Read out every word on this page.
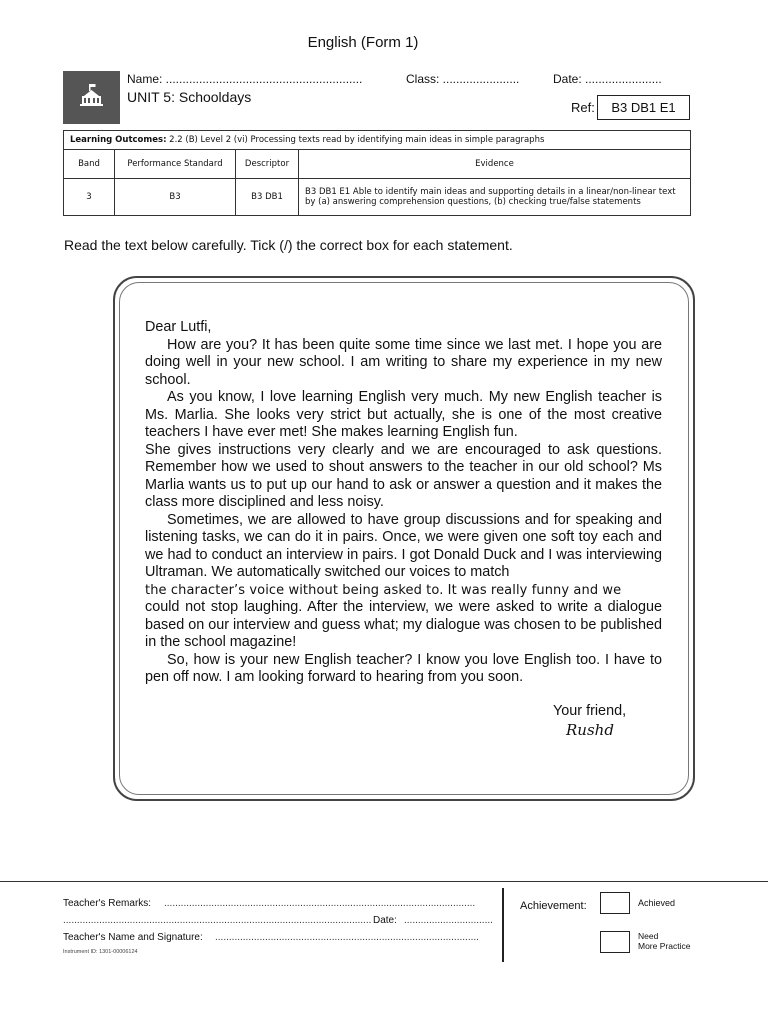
English (Form 1)
Name: ...........................................................	Class: .......................	Date: .......................
UNIT 5: Schooldays
Ref:	B3 DB1 E1
Learning Outcomes: 2.2 (B) Level 2 (vi) Processing texts read by identifying main ideas in simple paragraphs			
Band	Performance Standard	Descriptor	Evidence
3	B3	B3 DB1	B3 DB1 E1 Able to identify main ideas and supporting details in a linear/non-linear text by (a) answering comprehension questions, (b) checking true/false statements
Read the text below carefully. Tick (/) the correct box for each statement.

Dear Lutfi,

How are you? It has been quite some time since we last met. I hope you are doing well in your new school. I am writing to share my experience in my new school.

As you know, I love learning English very much. My new English teacher is Ms. Marlia. She looks very strict but actually, she is one of the most creative teachers I have ever met! She makes learning English fun.

She gives instructions very clearly and we are encouraged to ask questions. Remember how we used to shout answers to the teacher in our old school? Ms Marlia wants us to put up our hand to ask or answer a question and it makes the class more disciplined and less noisy.

Sometimes, we are allowed to have group discussions and for speaking and listening tasks, we can do it in pairs. Once, we were given one soft toy each and we had to conduct an interview in pairs. I got Donald Duck and I was interviewing Ultraman. We automatically switched our voices to match

the character’s voice without being asked to. It was really funny and we

could not stop laughing. After the interview, we were asked to write a dialogue based on our interview and guess what; my dialogue was chosen to be published in the school magazine!

So, how is your new English teacher? I know you love English too. I have to pen off now. I am looking forward to hearing from you soon.

Your friend,
Rushd
Teacher's Remarks: ................................................................................................................
............................................................................................................... Date: ................................
Teacher's Name and Signature: ...............................................................................................
Instrument ID: 1301-00006124
Achievement:	Achieved
Need
More Practice
